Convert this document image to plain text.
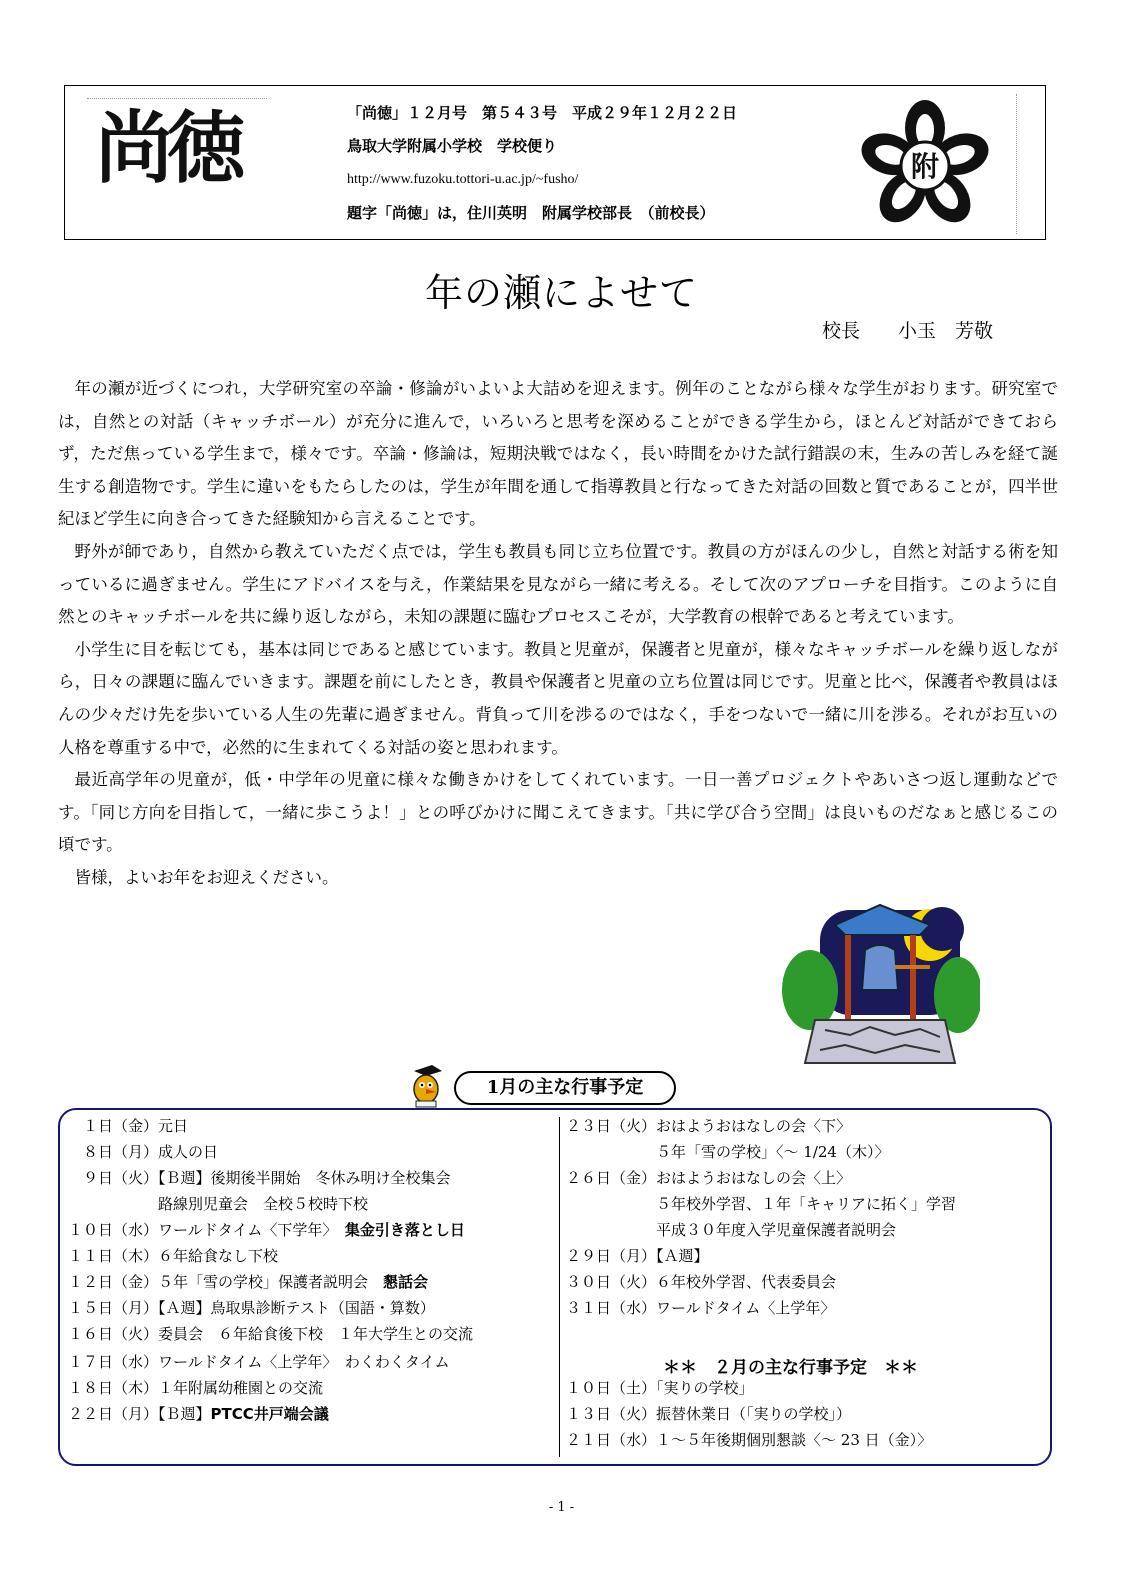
尚徳	「尚徳」１２月号　第５４３号　平成２９年１２月２２日
鳥取大学附属小学校　学校便り
http://www.fuzoku.tottori-u.ac.jp/~fusho/
題字「尚徳」は，住川英明　附属学校部長　（前校長）
附
年の瀬によせて
校長　　小玉　芳敬

年の瀬が近づくにつれ，大学研究室の卒論・修論がいよいよ大詰めを迎えます。例年のことながら様々な学生がおります。研究室では，自然との対話（キャッチボール）が充分に進んで，いろいろと思考を深めることができる学生から，ほとんど対話ができておらず，ただ焦っている学生まで，様々です。卒論・修論は，短期決戦ではなく，長い時間をかけた試行錯誤の末，生みの苦しみを経て誕生する創造物です。学生に違いをもたらしたのは，学生が年間を通して指導教員と行なってきた対話の回数と質であることが，四半世紀ほど学生に向き合ってきた経験知から言えることです。

野外が師であり，自然から教えていただく点では，学生も教員も同じ立ち位置です。教員の方がほんの少し，自然と対話する術を知っているに過ぎません。学生にアドバイスを与え，作業結果を見ながら一緒に考える。そして次のアプローチを目指す。このように自然とのキャッチボールを共に繰り返しながら，未知の課題に臨むプロセスこそが，大学教育の根幹であると考えています。

小学生に目を転じても，基本は同じであると感じています。教員と児童が，保護者と児童が，様々なキャッチボールを繰り返しながら，日々の課題に臨んでいきます。課題を前にしたとき，教員や保護者と児童の立ち位置は同じです。児童と比べ，保護者や教員はほんの少々だけ先を歩いている人生の先輩に過ぎません。背負って川を渉るのではなく，手をつないで一緒に川を渉る。それがお互いの人格を尊重する中で，必然的に生まれてくる対話の姿と思われます。

最近高学年の児童が，低・中学年の児童に様々な働きかけをしてくれています。一日一善プロジェクトやあいさつ返し運動などです。「同じ方向を目指して，一緒に歩こうよ！」との呼びかけに聞こえてきます。「共に学び合う空間」は良いものだなぁと感じるこの頃です。

皆様，よいお年をお迎えください。

1月の主な行事予定
　１日（金）元日
　８日（月）成人の日
　９日（火）【Ｂ週】後期後半開始　冬休み明け全校集会
　　　　　　路線別児童会　全校５校時下校
１０日（水）ワールドタイム〈下学年〉　集金引き落とし日
１１日（木）６年給食なし下校
１２日（金）５年「雪の学校」保護者説明会　懇話会
１５日（月）【Ａ週】鳥取県診断テスト（国語・算数）
１６日（火）委員会　６年給食後下校　１年大学生との交流
１７日（水）ワールドタイム〈上学年〉　わくわくタイム
１８日（木）１年附属幼稚園との交流
２２日（月）【Ｂ週】PTCC井戸端会議
２３日（火）おはようおはなしの会〈下〉
　　　　　　５年「雪の学校」〈～ 1/24（木）〉
２６日（金）おはようおはなしの会〈上〉
　　　　　　５年校外学習、１年「キャリアに拓く」学習
　　　　　　平成３０年度入学児童保護者説明会
２９日（月）【Ａ週】
３０日（火）６年校外学習、代表委員会
３１日（水）ワールドタイム〈上学年〉
１０日（土）「実りの学校」
１３日（火）振替休業日（「実りの学校」）
２１日（水）１～５年後期個別懇談〈～ 23 日（金）〉
＊＊　２月の主な行事予定　＊＊
- 1 -
